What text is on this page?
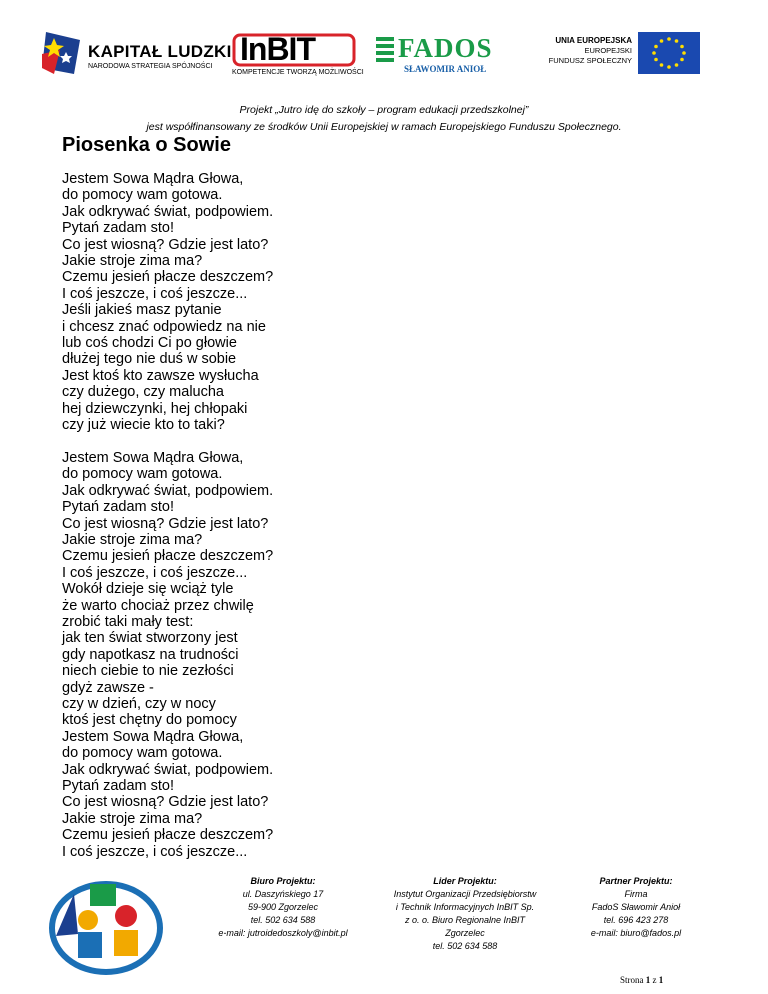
KAPITAŁ LUDZKI
NARODOWA STRATEGIA SPÓJNOŚCI InBIT
KOMPETENCJE TWORZĄ MOŻLIWOŚCI
FADOS
SŁAWOMIR ANIOŁ
UNIA EUROPEJSKA
EUROPEJSKI
FUNDUSZ SPOŁECZNY
Projekt „Jutro idę do szkoły – program edukacji przedszkolnej”
jest współfinansowany ze środków Unii Europejskiej w ramach Europejskiego Funduszu Społecznego.
Piosenka o Sowie
Jestem Sowa Mądra Głowa,
do pomocy wam gotowa.
Jak odkrywać świat, podpowiem.
Pytań zadam sto!
Co jest wiosną? Gdzie jest lato?
Jakie stroje zima ma?
Czemu jesień płacze deszczem?
I coś jeszcze, i coś jeszcze...
Jeśli jakieś masz pytanie
i chcesz znać odpowiedz na nie
lub coś chodzi Ci po głowie
dłużej tego nie duś w sobie
Jest ktoś kto zawsze wysłucha
czy dużego, czy malucha
hej dziewczynki, hej chłopaki
czy już wiecie kto to taki?
Jestem Sowa Mądra Głowa,
do pomocy wam gotowa.
Jak odkrywać świat, podpowiem.
Pytań zadam sto!
Co jest wiosną? Gdzie jest lato?
Jakie stroje zima ma?
Czemu jesień płacze deszczem?
I coś jeszcze, i coś jeszcze...
Wokół dzieje się wciąż tyle
że warto chociaż przez chwilę
zrobić taki mały test:
jak ten świat stworzony jest
gdy napotkasz na trudności
niech ciebie to nie zezłości
gdyż zawsze -
czy w dzień, czy w nocy
ktoś jest chętny do pomocy
Jestem Sowa Mądra Głowa,
do pomocy wam gotowa.
Jak odkrywać świat, podpowiem.
Pytań zadam sto!
Co jest wiosną? Gdzie jest lato?
Jakie stroje zima ma?
Czemu jesień płacze deszczem?
I coś jeszcze, i coś jeszcze...
Biuro Projektu:
ul. Daszyńskiego 17
59-900 Zgorzelec
tel. 502 634 588
e-mail: jutroidedoszkoly@inbit.pl
Lider Projektu:
Instytut Organizacji Przedsiębiorstw
i Technik Informacyjnych InBIT Sp.
z o. o. Biuro Regionalne InBIT
Zgorzelec
tel. 502 634 588
Partner Projektu:
Firma
FadoS Sławomir Anioł
tel. 696 423 278
e-mail: biuro@fados.pl
Strona 1 z 1
